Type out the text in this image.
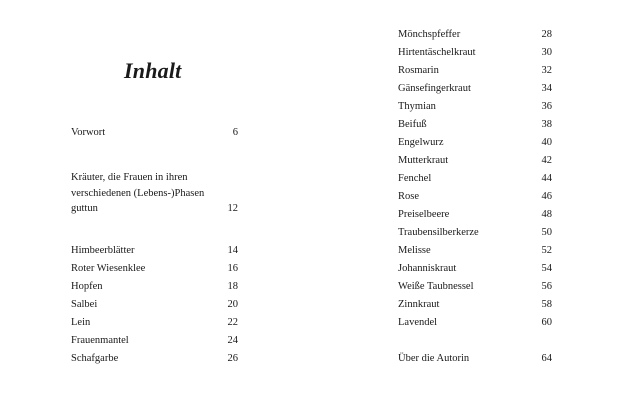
Inhalt
Vorwort	6
Kräuter, die Frauen in ihren verschiedenen (Lebens-)Phasen guttun	12
Himbeerblätter	14
Roter Wiesenklee	16
Hopfen	18
Salbei	20
Lein	22
Frauenmantel	24
Schafgarbe	26
Mönchspfeffer	28
Hirtentäschelkraut	30
Rosmarin	32
Gänsefingerkraut	34
Thymian	36
Beifuß	38
Engelwurz	40
Mutterkraut	42
Fenchel	44
Rose	46
Preiselbeere	48
Traubensilberkerze	50
Melisse	52
Johanniskraut	54
Weiße Taubnessel	56
Zinnkraut	58
Lavendel	60
Über die Autorin	64
